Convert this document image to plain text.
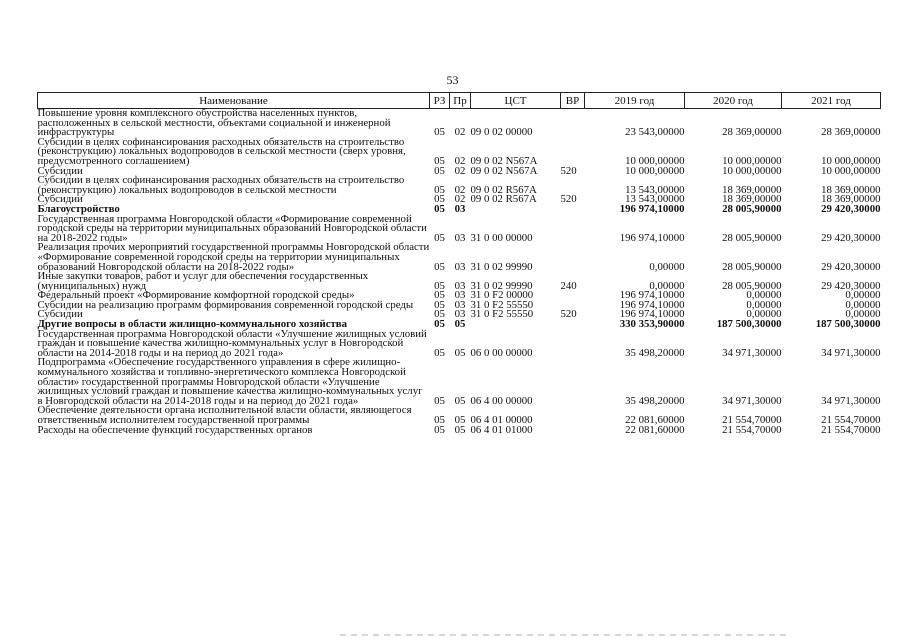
53
Наименование	РЗ	Пр	ЦСТ	ВР	2019 год	2020 год	2021 год
Повышение уровня комплексного обустройства населенных пунктов, расположенных в сельской местности, объектами социальной и инженерной инфраструктуры	05	02	09 0 02 00000		23 543,00000	28 369,00000	28 369,00000
Субсидии в целях софинансирования расходных обязательств на строительство (реконструкцию) локальных водопроводов в сельской местности (сверх уровня, предусмотренного соглашением)	05	02	09 0 02 N567A		10 000,00000	10 000,00000	10 000,00000
Субсидии	05	02	09 0 02 N567A	520	10 000,00000	10 000,00000	10 000,00000
Субсидии в целях софинансирования расходных обязательств на строительство (реконструкцию) локальных водопроводов в сельской местности	05	02	09 0 02 R567A		13 543,00000	18 369,00000	18 369,00000
Субсидии	05	02	09 0 02 R567A	520	13 543,00000	18 369,00000	18 369,00000
Благоустройство	05	03			196 974,10000	28 005,90000	29 420,30000
Государственная программа Новгородской области «Формирование современной городской среды на территории муниципальных образований Новгородской области на 2018-2022 годы»	05	03	31 0 00 00000		196 974,10000	28 005,90000	29 420,30000
Реализация прочих мероприятий государственной программы Новгородской области «Формирование современной городской среды на территории муниципальных образований Новгородской области на 2018-2022 годы»	05	03	31 0 02 99990		0,00000	28 005,90000	29 420,30000
Иные закупки товаров, работ и услуг для обеспечения государственных (муниципальных) нужд	05	03	31 0 02 99990	240	0,00000	28 005,90000	29 420,30000
Федеральный проект «Формирование комфортной городской среды»	05	03	31 0 F2 00000		196 974,10000	0,00000	0,00000
Субсидии на реализацию программ формирования современной городской среды	05	03	31 0 F2 55550		196 974,10000	0,00000	0,00000
Субсидии	05	03	31 0 F2 55550	520	196 974,10000	0,00000	0,00000
Другие вопросы в области жилищно-коммунального хозяйства	05	05			330 353,90000	187 500,30000	187 500,30000
Государственная программа Новгородской области «Улучшение жилищных условий граждан и повышение качества жилищно-коммунальных услуг в Новгородской области на 2014-2018 годы и на период до 2021 года»	05	05	06 0 00 00000		35 498,20000	34 971,30000	34 971,30000
Подпрограмма «Обеспечение государственного управления в сфере жилищно-коммунального хозяйства и топливно-энергетического комплекса Новгородской области» государственной программы Новгородской области «Улучшение жилищных условий граждан и повышение качества жилищно-коммунальных услуг в Новгородской области на 2014-2018 годы и на период до 2021 года»	05	05	06 4 00 00000		35 498,20000	34 971,30000	34 971,30000
Обеспечение деятельности органа исполнительной власти области, являющегося ответственным исполнителем государственной программы	05	05	06 4 01 00000		22 081,60000	21 554,70000	21 554,70000
Расходы на обеспечение функций государственных органов	05	05	06 4 01 01000		22 081,60000	21 554,70000	21 554,70000
